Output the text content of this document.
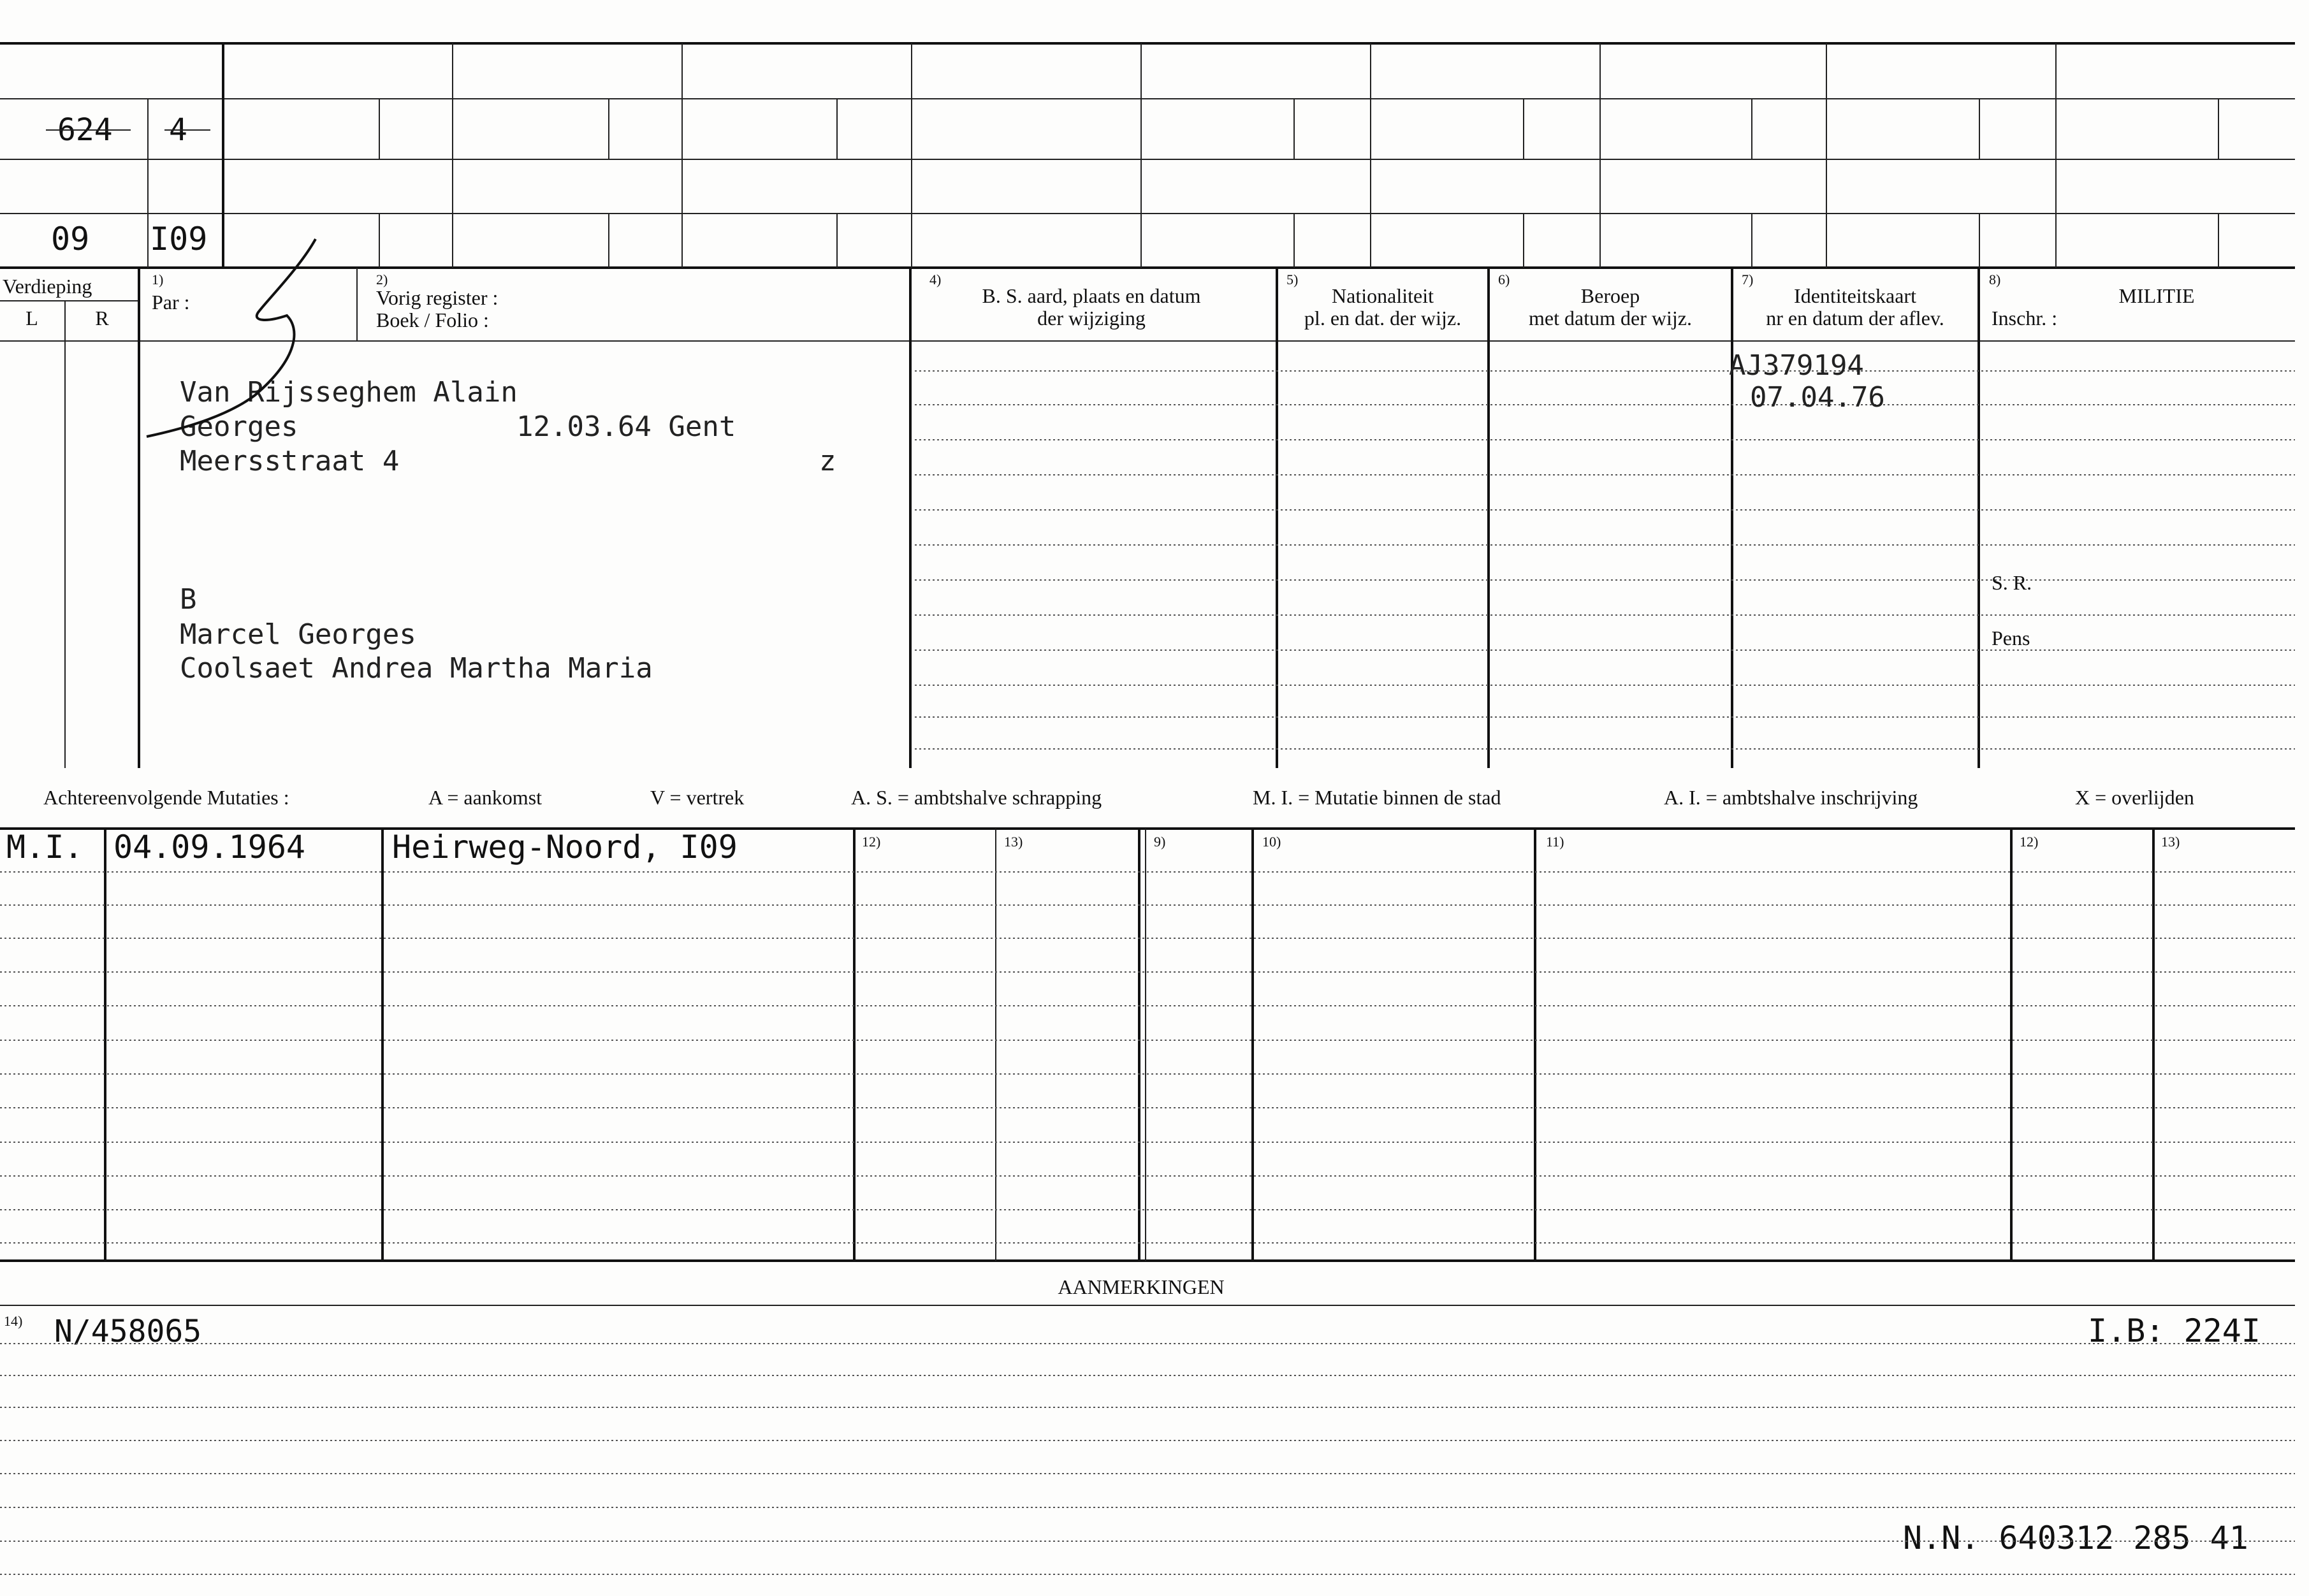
624 4
09 I09
Verdieping
L	R
1)
Par :
2)
Vorig register :
Boek / Folio :
4)
B. S. aard, plaats en datum
der wijziging
5)
Nationaliteit
pl. en dat. der wijz.
6)
Beroep
met datum der wijz.
7)
Identiteitskaart
nr en datum der aflev.
8)
MILITIE
Inschr. :
S. R.
Pens
Van Rijsseghem Alain
Georges	12.03.64 Gent
Meersstraat 4	z
B
Marcel Georges
Coolsaet Andrea Martha Maria
AJ379194
07.04.76
Achtereenvolgende Mutaties :	A = aankomst	V = vertrek	A. S. = ambtshalve schrapping	M. I. = Mutatie binnen de stad	A. I. = ambtshalve inschrijving	X = overlijden
12)	13)	9)	10)	11)	12)	13)
M.I. 04.09.1964	Heirweg-Noord, I09
AANMERKINGEN
14) N/458065	I.B: 224I
N.N. 640312 285 41
